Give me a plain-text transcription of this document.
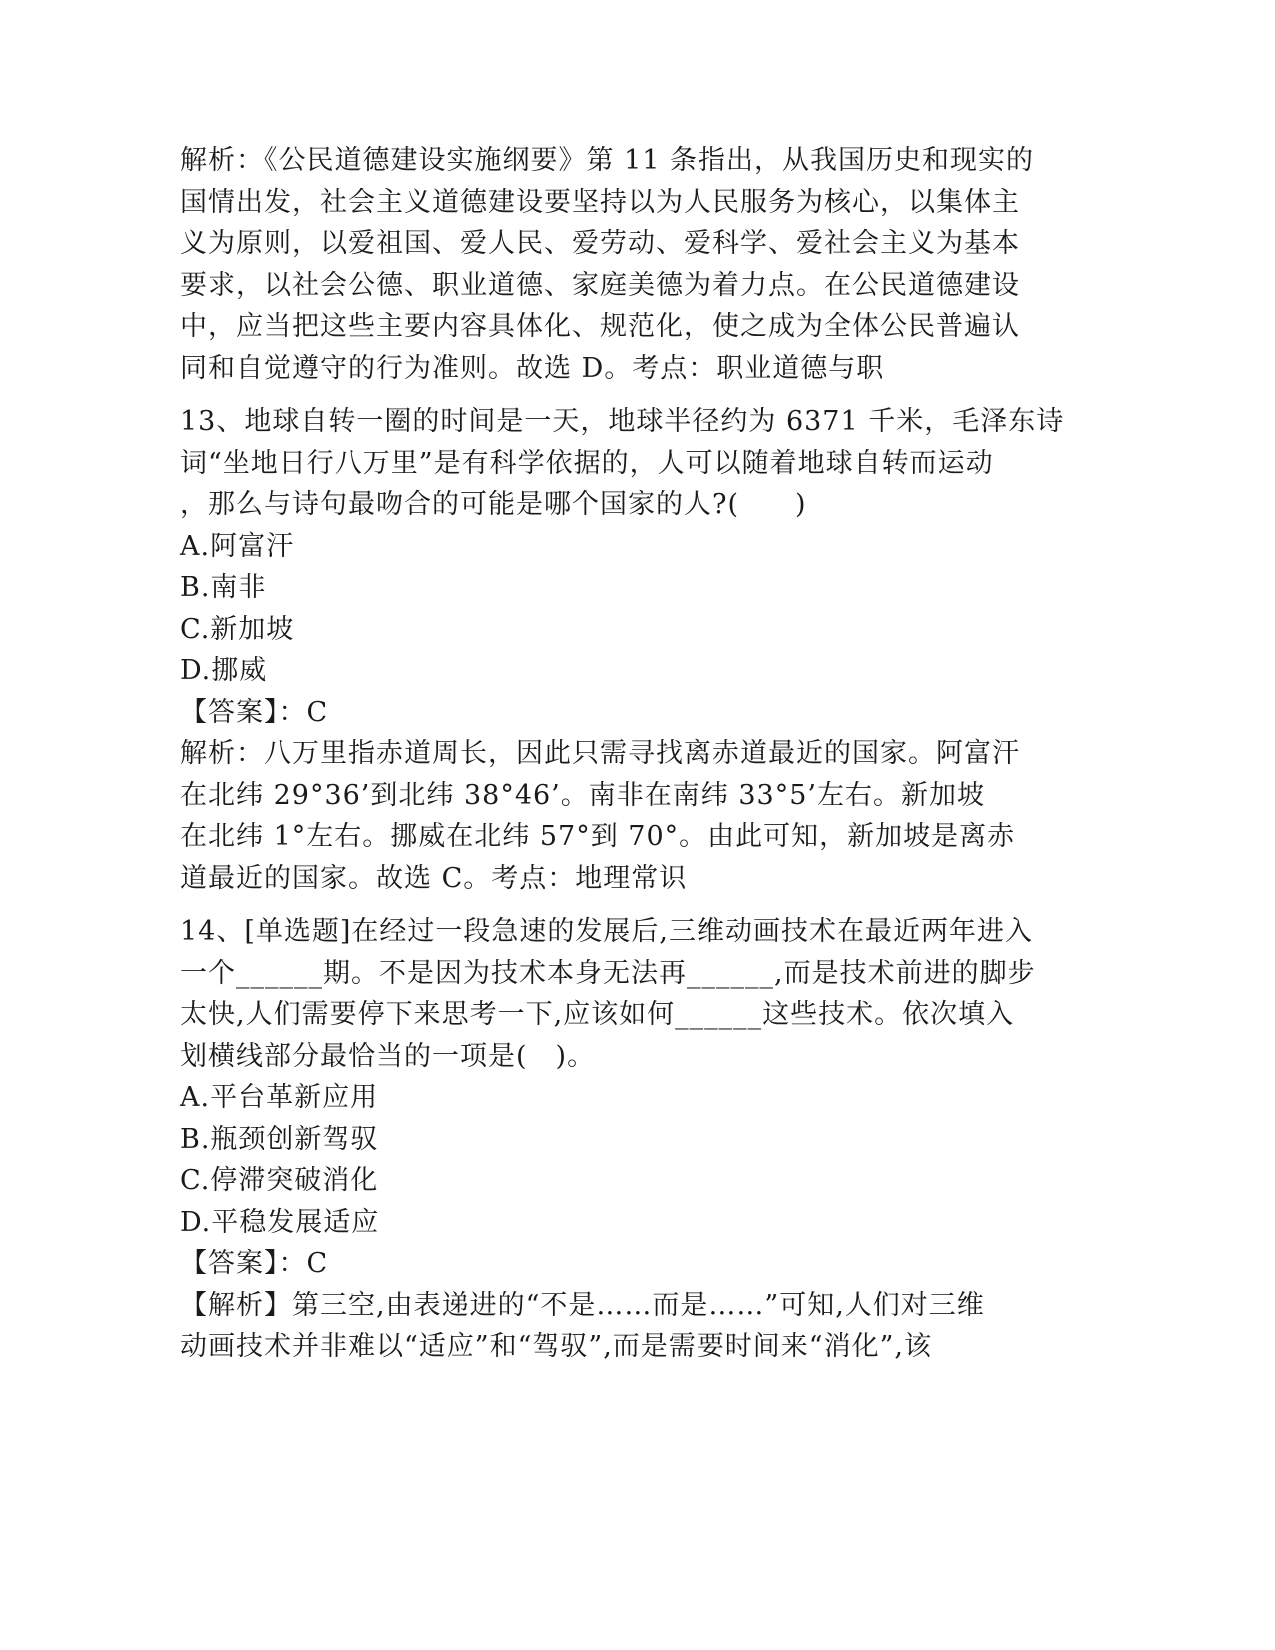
解析：《公民道德建设实施纲要》第 11 条指出，从我国历史和现实的
国情出发，社会主义道德建设要坚持以为人民服务为核心，以集体主
义为原则，以爱祖国、爱人民、爱劳动、爱科学、爱社会主义为基本
要求，以社会公德、职业道德、家庭美德为着力点。在公民道德建设
中，应当把这些主要内容具体化、规范化，使之成为全体公民普遍认
同和自觉遵守的行为准则。故选 D。考点：职业道德与职
13、地球自转一圈的时间是一天，地球半径约为 6371 千米，毛泽东诗
词“坐地日行八万里”是有科学依据的，人可以随着地球自转而运动
，那么与诗句最吻合的可能是哪个国家的人?(　　)
A.阿富汗
B.南非
C.新加坡
D.挪威
【答案】：C
解析：八万里指赤道周长，因此只需寻找离赤道最近的国家。阿富汗
在北纬 29°36’到北纬 38°46’。南非在南纬 33°5’左右。新加坡
在北纬 1°左右。挪威在北纬 57°到 70°。由此可知，新加坡是离赤
道最近的国家。故选 C。考点：地理常识
14、[单选题]在经过一段急速的发展后,三维动画技术在最近两年进入
一个______期。不是因为技术本身无法再______,而是技术前进的脚步
太快,人们需要停下来思考一下,应该如何______这些技术。依次填入
划横线部分最恰当的一项是(　)。
A.平台革新应用
B.瓶颈创新驾驭
C.停滞突破消化
D.平稳发展适应
【答案】：C
【解析】第三空,由表递进的“不是……而是……”可知,人们对三维
动画技术并非难以“适应”和“驾驭”,而是需要时间来“消化”,该
